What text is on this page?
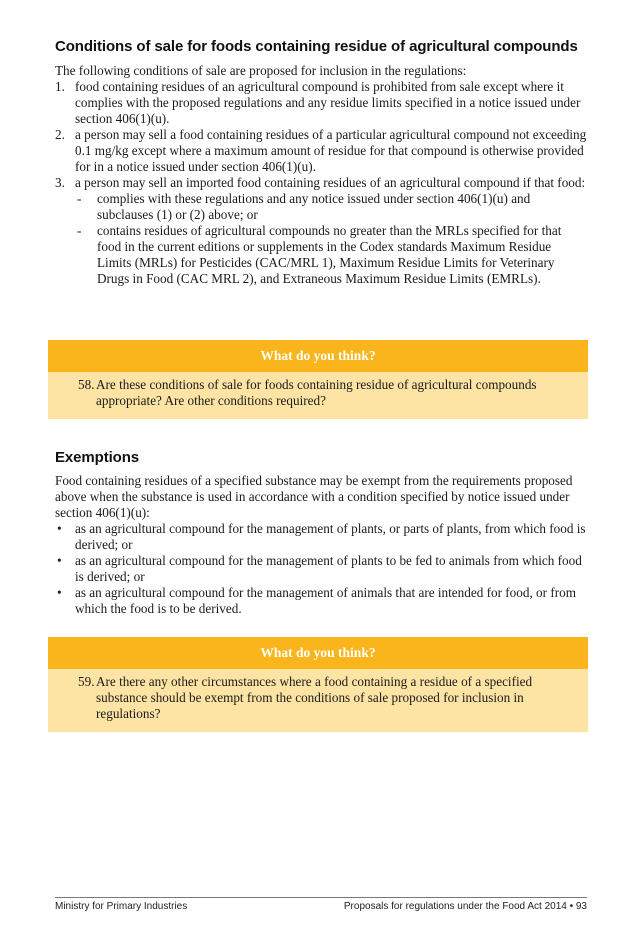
Conditions of sale for foods containing residue of agricultural compounds

The following conditions of sale are proposed for inclusion in the regulations:

1. food containing residues of an agricultural compound is prohibited from sale except where it complies with the proposed regulations and any residue limits specified in a notice issued under section 406(1)(u).
2. a person may sell a food containing residues of a particular agricultural compound not exceeding 0.1 mg/kg except where a maximum amount of residue for that compound is otherwise provided for in a notice issued under section 406(1)(u).
3. a person may sell an imported food containing residues of an agricultural compound if that food:
- complies with these regulations and any notice issued under section 406(1)(u) and subclauses (1) or (2) above; or
- contains residues of agricultural compounds no greater than the MRLs specified for that food in the current editions or supplements in the Codex standards Maximum Residue Limits (MRLs) for Pesticides (CAC/MRL 1), Maximum Residue Limits for Veterinary Drugs in Food (CAC MRL 2), and Extraneous Maximum Residue Limits (EMRLs).
What do you think?
58. Are these conditions of sale for foods containing residue of agricultural compounds appropriate? Are other conditions required?
Exemptions

Food containing residues of a specified substance may be exempt from the requirements proposed above when the substance is used in accordance with a condition specified by notice issued under section 406(1)(u):

• as an agricultural compound for the management of plants, or parts of plants, from which food is derived; or
• as an agricultural compound for the management of plants to be fed to animals from which food is derived; or
• as an agricultural compound for the management of animals that are intended for food, or from which the food is to be derived.
What do you think?
59. Are there any other circumstances where a food containing a residue of a specified substance should be exempt from the conditions of sale proposed for inclusion in regulations?
Ministry for Primary Industries	Proposals for regulations under the Food Act 2014 • 93
